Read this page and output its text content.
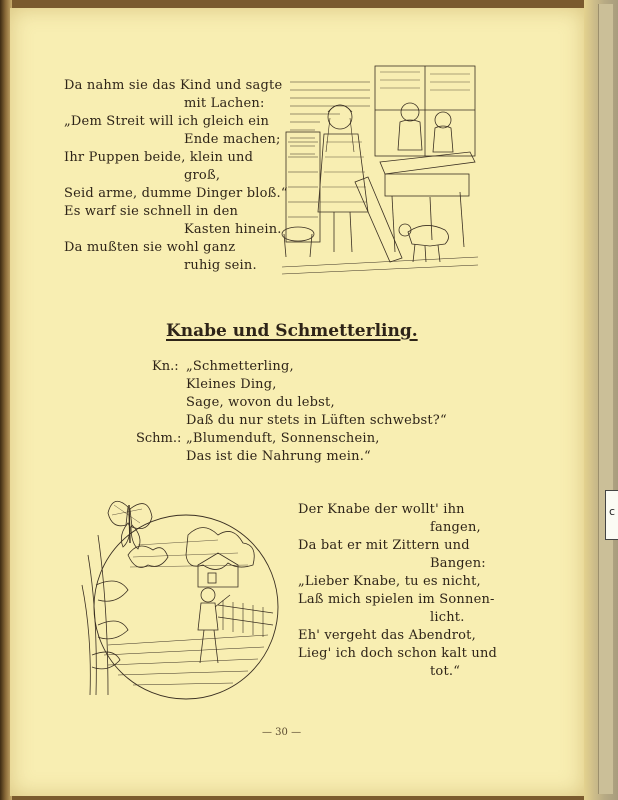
c
Da nahm sie das Kind und sagte
mit Lachen:
„Dem Streit will ich gleich ein
Ende machen;
Ihr Puppen beide, klein und
groß,
Seid arme, dumme Dinger bloß.“
Es warf sie schnell in den
Kasten hinein.
Da mußten sie wohl ganz
ruhig sein.
Knabe und Schmetterling.
Kn.: „Schmetterling,
Kleines Ding,
Sage, wovon du lebst,
Daß du nur stets in Lüften schwebst?“
Schm.: „Blumenduft, Sonnenschein,
Das ist die Nahrung mein.“
Der Knabe der wollt' ihn
fangen,
Da bat er mit Zittern und
Bangen:
„Lieber Knabe, tu es nicht,
Laß mich spielen im Sonnen-
licht.
Eh' vergeht das Abendrot,
Lieg' ich doch schon kalt und
tot.“
— 30 —
